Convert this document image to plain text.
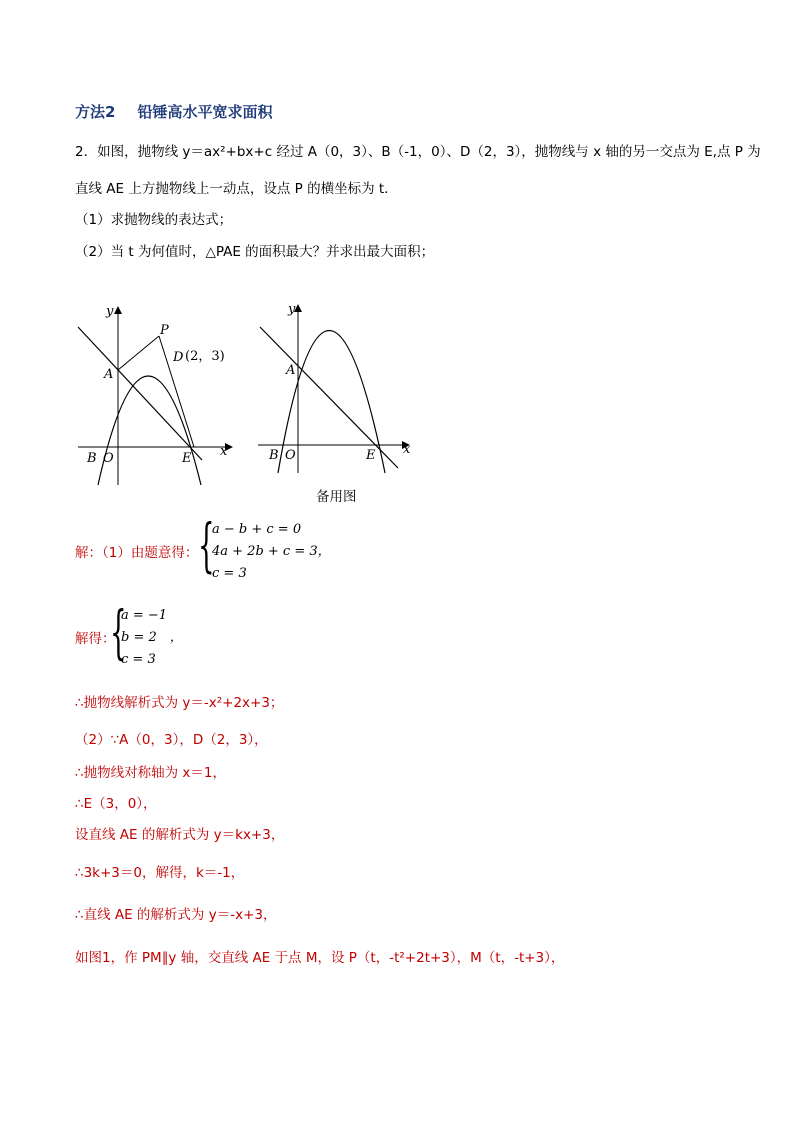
方法2 铅锤高水平宽求面积
2．如图，抛物线 y＝ax²+bx+c 经过 A（0，3）、B（-1，0）、D（2，3），抛物线与 x 轴的另一交点为 E,点 P 为
直线 AE 上方抛物线上一动点，设点 P 的横坐标为 t．
（1）求抛物线的表达式；
（2）当 t 为何值时，△PAE 的面积最大？并求出最大面积；
y
x
A
P
D (2，3)
B O	E
y
x
A
B O	E
备用图
解：（1）由题意得： {
a − b + c = 0
4a + 2b + c = 3，
c = 3
解得：
{
a = −1
b = 2　，
c = 3
∴抛物线解析式为 y＝-x²+2x+3；
（2）∵A（0，3），D（2，3），
∴抛物线对称轴为 x＝1，
∴E（3，0），
设直线 AE 的解析式为 y＝kx+3，
∴3k+3＝0，解得，k＝-1，
∴直线 AE 的解析式为 y＝-x+3，
如图1，作 PM∥y 轴，交直线 AE 于点 M，设 P（t，-t²+2t+3），M（t，-t+3），
